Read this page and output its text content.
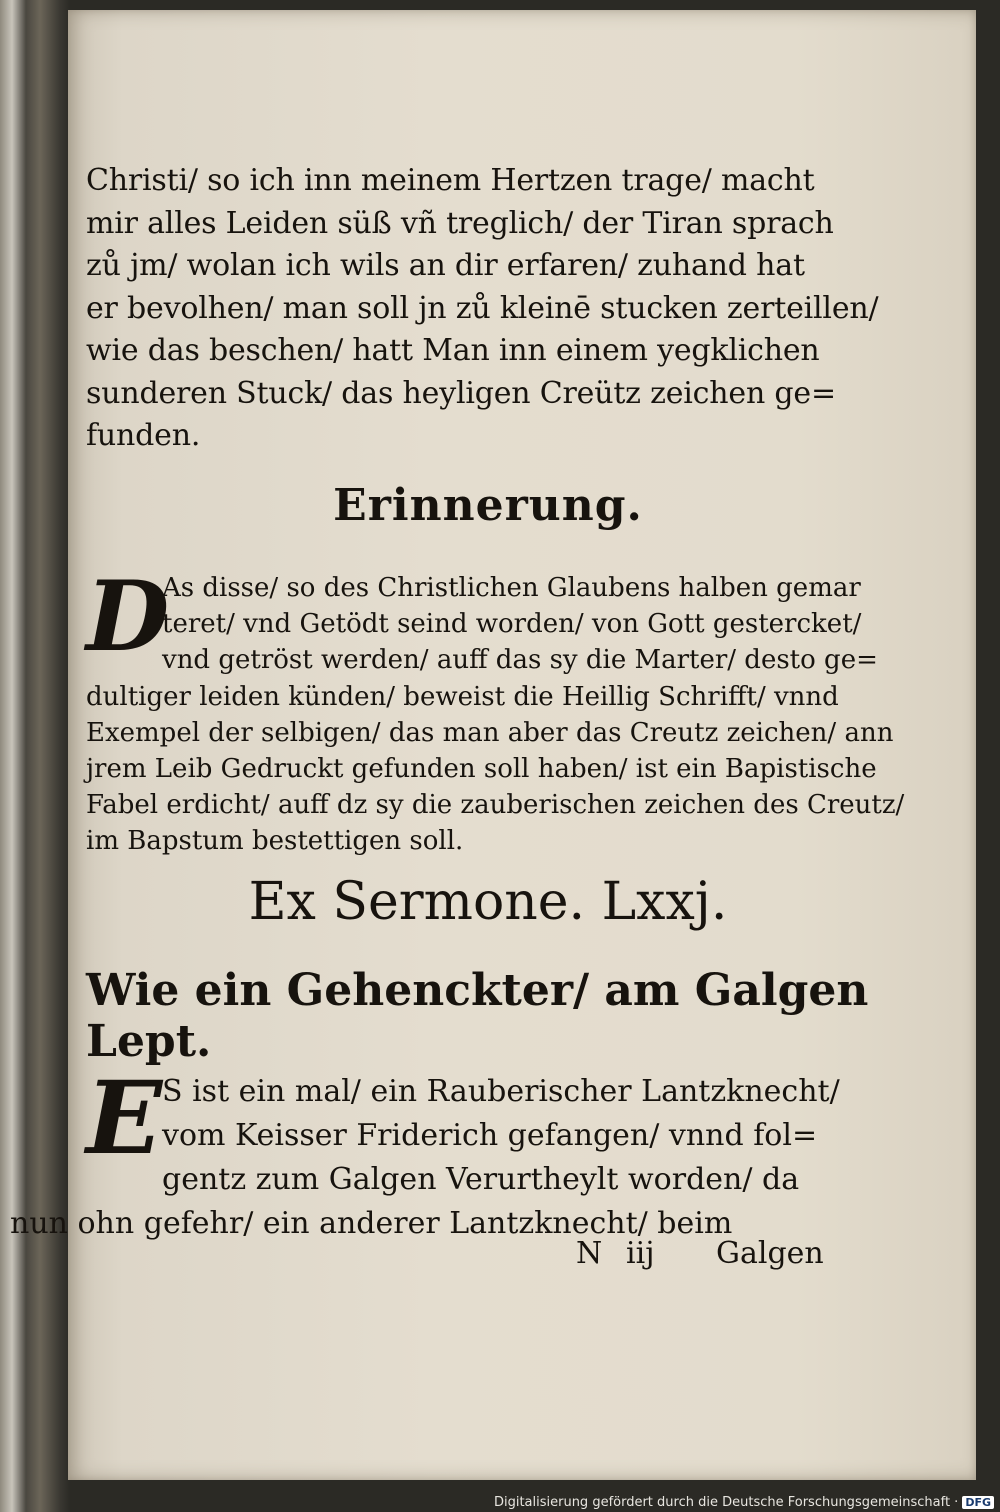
Christi/ so ich inn meinem Hertzen trage/ macht
mir alles Leiden süß vñ treglich/ der Tiran sprach
zů jm/ wolan ich wils an dir erfaren/ zuhand hat
er bevolhen/ man soll jn zů kleinē stucken zerteillen/
wie das beschen/ hatt Man inn einem yegklichen
sunderen Stuck/ das heyligen Creütz zeichen ge=
funden.
Erinnerung.
D
As disse/ so des Christlichen Glaubens halben gemar
teret/ vnd Getödt seind worden/ von Gott gestercket/
vnd getröst werden/ auff das sy die Marter/ desto ge=
dultiger leiden künden/ beweist die Heillig Schrifft/ vnnd
Exempel der selbigen/ das man aber das Creutz zeichen/ ann
jrem Leib Gedruckt gefunden soll haben/ ist ein Bapistische
Fabel erdicht/ auff dz sy die zauberischen zeichen des Creutz/
im Bapstum bestettigen soll.
Ex Sermone. Lxxj.
Wie ein Gehenckter/ am Galgen Lept.
E S ist ein mal/ ein Rauberischer Lantzknecht/
vom Keisser Friderich gefangen/ vnnd fol=
gentz zum Galgen Verurtheylt worden/ da
nun ohn gefehr/ ein anderer Lantzknecht/ beim
N iij Galgen
Digitalisierung gefördert durch die Deutsche Forschungsgemeinschaft · DFG
